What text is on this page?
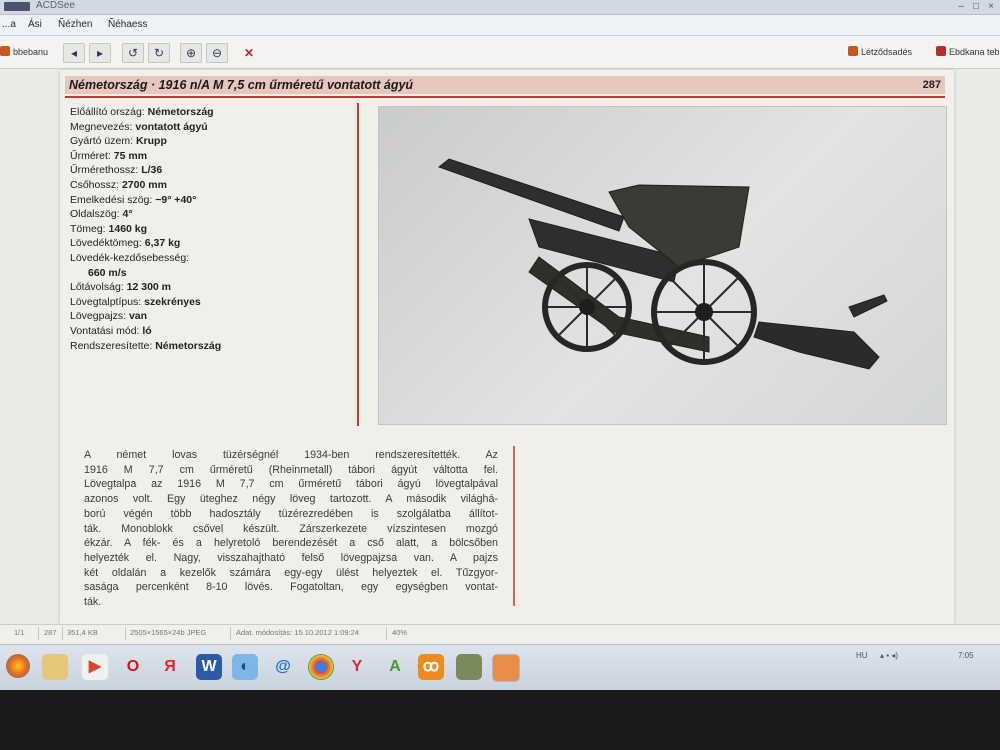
ACDSee	– □ ×
...a Ási Ñézhen Ñéhaess
bbebanu	◂	▸	↺	↻	⊕	⊖	✕	Létződsadés	Ebdkana teb
Németország · 1916 n/A M 7,5 cm űrméretű vontatott ágyú	287
Előállító ország: Németország
Megnevezés: vontatott ágyú
Gyártó üzem: Krupp
Űrméret: 75 mm
Űrmérethossz: L/36
Csőhossz: 2700 mm
Emelkedési szög: −9° +40°
Oldalszög: 4°
Tömeg: 1460 kg
Lövedéktömeg: 6,37 kg
Lövedék-kezdősebesség:
660 m/s
Lőtávolság: 12 300 m
Lövegtalptípus: szekrényes
Lövegpajzs: van
Vontatási mód: ló
Rendszeresítette: Németország
A német lovas tüzérségnél 1934-ben rendszeresítették. Az
1916 M 7,7 cm űrméretű (Rheinmetall) tábori ágyút váltotta fel.
Lövegtalpa az 1916 M 7,7 cm űrméretű tábori ágyú lövegtalpával
azonos volt. Egy üteghez négy löveg tartozott. A második világhá-
ború végén több hadosztály tüzérezredében is szolgálatba állítot-
ták. Monoblokk csővel készült. Zárszerkezete vízszintesen mozgó
ékzár. A fék- és a helyretoló berendezését a cső alatt, a bölcsőben
helyezték el. Nagy, visszahajtható felső lövegpajzsa van. A pajzs
két oldalán a kezelők számára egy-egy ülést helyeztek el. Tűzgyor-
sasága percenként 8-10 lövés. Fogatoltan, egy egységben vontat-
ták.
1/1	287 351,4 KB	2505×1565×24b JPEG	Adat. módosítás: 15.10.2012 1:09:24	40%
▶	O	Я	W	◐	@	Y	A	ꝏ
HU ▴ ▪ ◂)	7:05
